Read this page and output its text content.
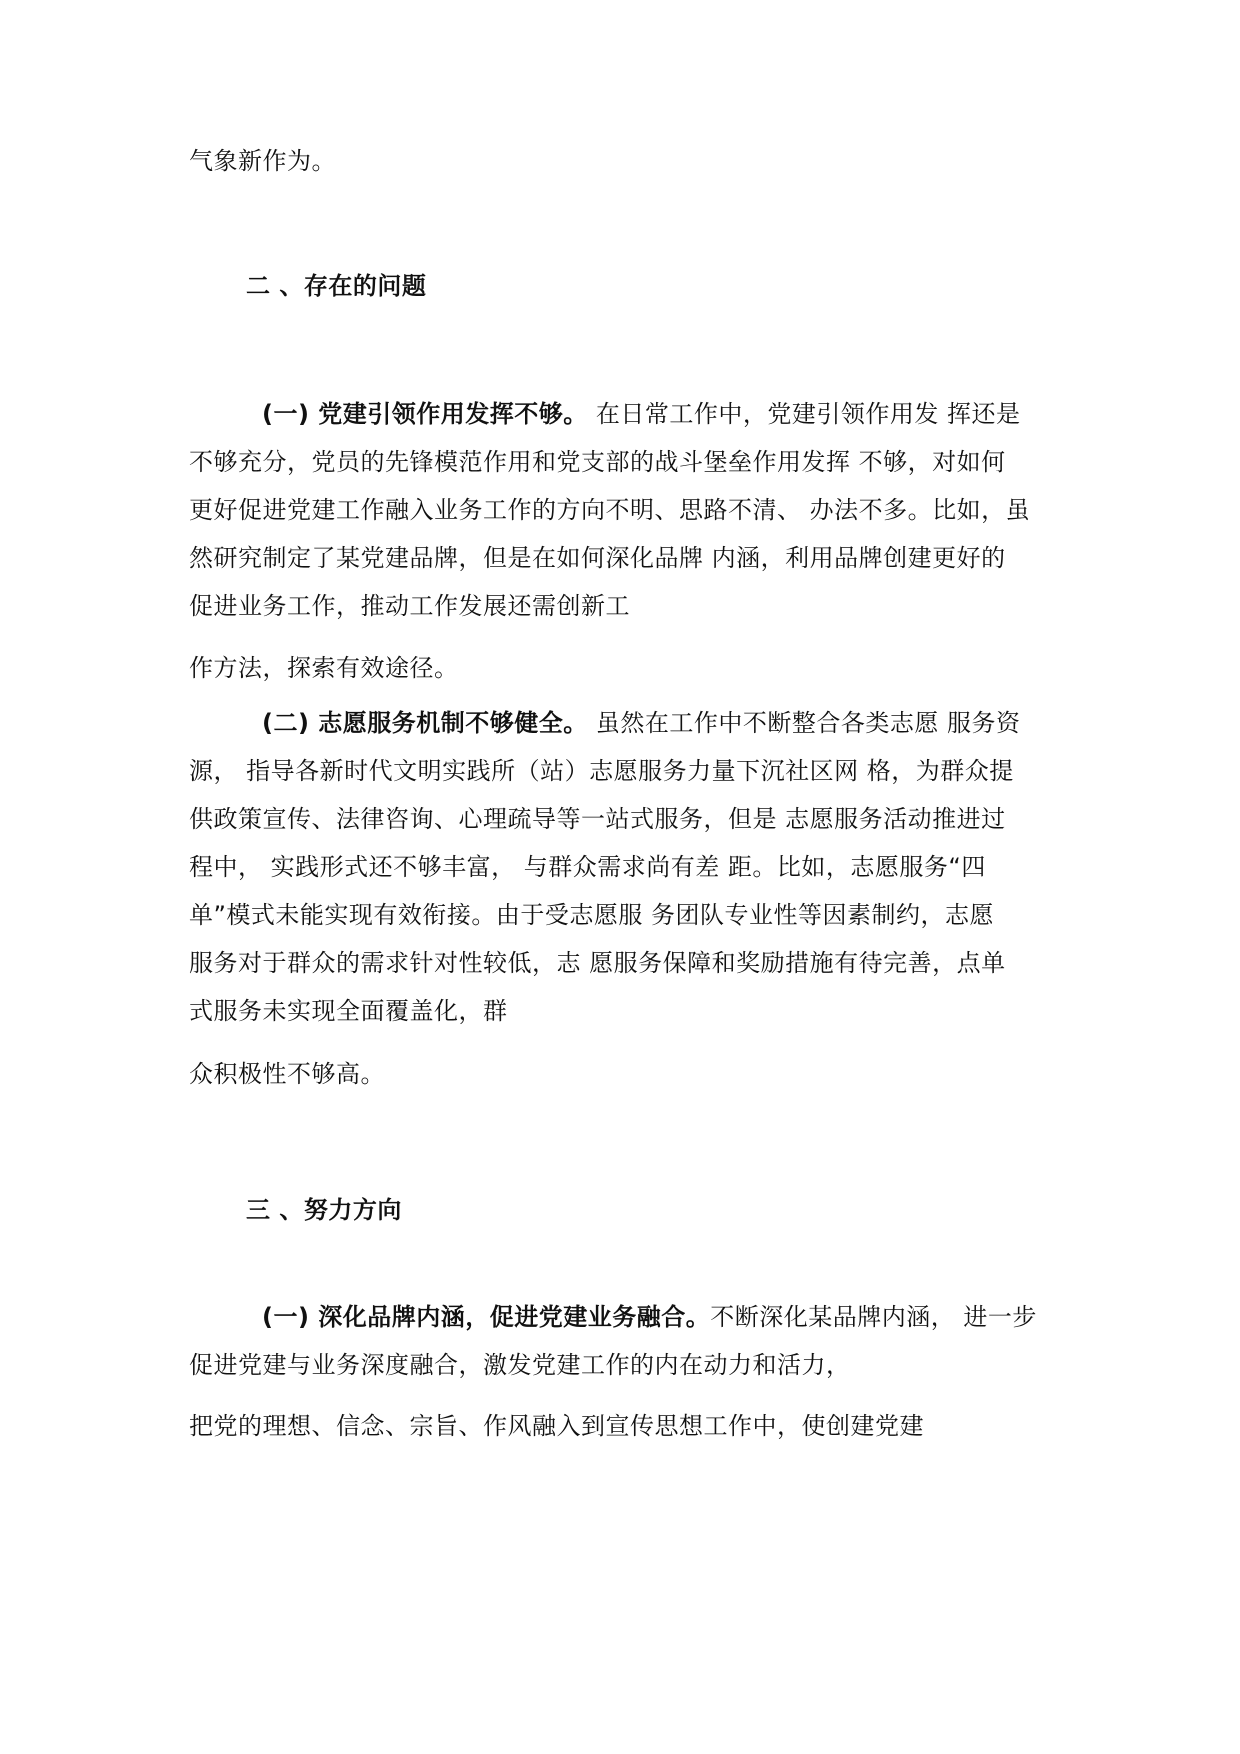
气象新作为。
二 、存在的问题
(一) 党建引领作用发挥不够。 在日常工作中，党建引领作用发 挥还是
不够充分，党员的先锋模范作用和党支部的战斗堡垒作用发挥 不够，对如何
更好促进党建工作融入业务工作的方向不明、思路不清、 办法不多。比如，虽
然研究制定了某党建品牌，但是在如何深化品牌 内涵，利用品牌创建更好的
促进业务工作，推动工作发展还需创新工
作方法，探索有效途径。
(二) 志愿服务机制不够健全。 虽然在工作中不断整合各类志愿 服务资
源， 指导各新时代文明实践所（站）志愿服务力量下沉社区网 格，为群众提
供政策宣传、法律咨询、心理疏导等一站式服务，但是 志愿服务活动推进过
程中， 实践形式还不够丰富， 与群众需求尚有差 距。比如，志愿服务“四
单”模式未能实现有效衔接。由于受志愿服 务团队专业性等因素制约，志愿
服务对于群众的需求针对性较低，志 愿服务保障和奖励措施有待完善，点单
式服务未实现全面覆盖化，群
众积极性不够高。
三 、努力方向
(一) 深化品牌内涵，促进党建业务融合。不断深化某品牌内涵， 进一步
促进党建与业务深度融合，激发党建工作的内在动力和活力，
把党的理想、信念、宗旨、作风融入到宣传思想工作中，使创建党建
